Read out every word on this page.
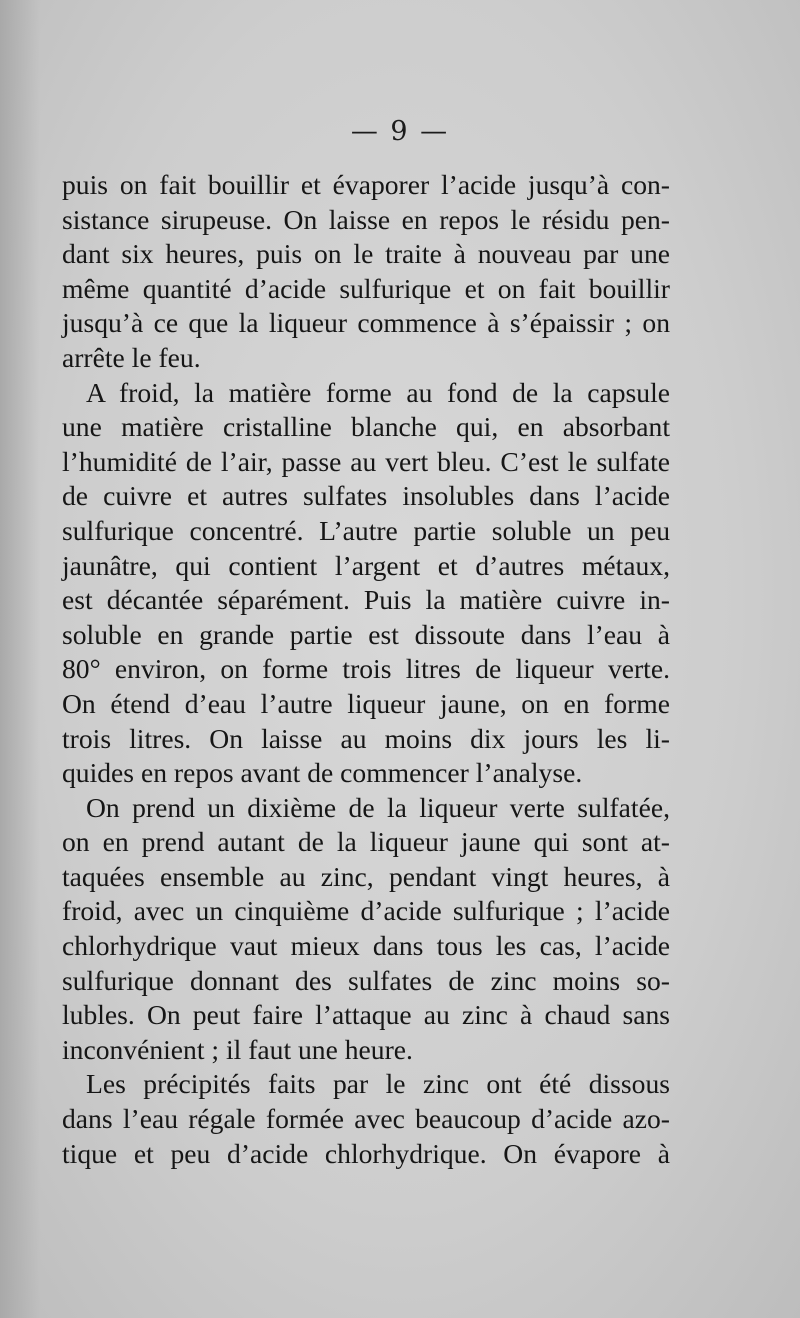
— 9 —
puis on fait bouillir et évaporer l’acide jusqu’à con-
sistance sirupeuse. On laisse en repos le résidu pen-
dant six heures, puis on le traite à nouveau par une
même quantité d’acide sulfurique et on fait bouillir
jusqu’à ce que la liqueur commence à s’épaissir ; on
arrête le feu.
A froid, la matière forme au fond de la capsule
une matière cristalline blanche qui, en absorbant
l’humidité de l’air, passe au vert bleu. C’est le sulfate
de cuivre et autres sulfates insolubles dans l’acide
sulfurique concentré. L’autre partie soluble un peu
jaunâtre, qui contient l’argent et d’autres métaux,
est décantée séparément. Puis la matière cuivre in-
soluble en grande partie est dissoute dans l’eau à
80° environ, on forme trois litres de liqueur verte.
On étend d’eau l’autre liqueur jaune, on en forme
trois litres. On laisse au moins dix jours les li-
quides en repos avant de commencer l’analyse.
On prend un dixième de la liqueur verte sulfatée,
on en prend autant de la liqueur jaune qui sont at-
taquées ensemble au zinc, pendant vingt heures, à
froid, avec un cinquième d’acide sulfurique ; l’acide
chlorhydrique vaut mieux dans tous les cas, l’acide
sulfurique donnant des sulfates de zinc moins so-
lubles. On peut faire l’attaque au zinc à chaud sans
inconvénient ; il faut une heure.
Les précipités faits par le zinc ont été dissous
dans l’eau régale formée avec beaucoup d’acide azo-
tique et peu d’acide chlorhydrique. On évapore à
